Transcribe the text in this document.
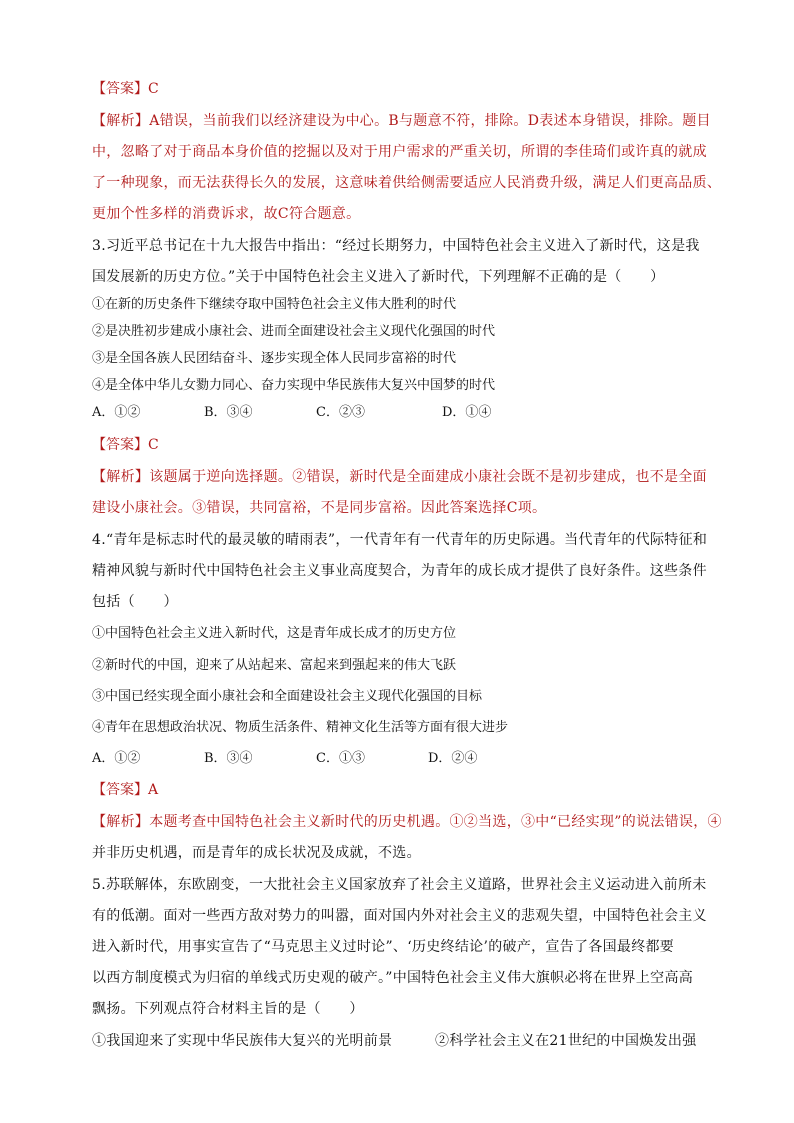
【答案】C
【解析】A错误，当前我们以经济建设为中心。B与题意不符，排除。D表述本身错误，排除。题目
中，忽略了对于商品本身价值的挖掘以及对于用户需求的严重关切，所谓的李佳琦们或许真的就成
了一种现象，而无法获得长久的发展，这意味着供给侧需要适应人民消费升级，满足人们更高品质、
更加个性多样的消费诉求，故C符合题意。
3.习近平总书记在十九大报告中指出：“经过长期努力，中国特色社会主义进入了新时代，这是我
国发展新的历史方位。”关于中国特色社会主义进入了新时代，下列理解不正确的是（　　）
①在新的历史条件下继续夺取中国特色社会主义伟大胜利的时代
②是决胜初步建成小康社会、进而全面建设社会主义现代化强国的时代
③是全国各族人民团结奋斗、逐步实现全体人民同步富裕的时代
④是全体中华儿女勠力同心、奋力实现中华民族伟大复兴中国梦的时代
A．①②	B．③④	C．②③	D．①④
【答案】C
【解析】该题属于逆向选择题。②错误，新时代是全面建成小康社会既不是初步建成，也不是全面
建设小康社会。③错误，共同富裕，不是同步富裕。因此答案选择C项。
4.“青年是标志时代的最灵敏的晴雨表”，一代青年有一代青年的历史际遇。当代青年的代际特征和
精神风貌与新时代中国特色社会主义事业高度契合，为青年的成长成才提供了良好条件。这些条件
包括（　　）
①中国特色社会主义进入新时代，这是青年成长成才的历史方位
②新时代的中国，迎来了从站起来、富起来到强起来的伟大飞跃
③中国已经实现全面小康社会和全面建设社会主义现代化强国的目标
④青年在思想政治状况、物质生活条件、精神文化生活等方面有很大进步
A．①②	B．③④	C．①③	D．②④
【答案】A
【解析】本题考查中国特色社会主义新时代的历史机遇。①②当选，③中“已经实现”的说法错误，④
并非历史机遇，而是青年的成长状况及成就，不选。
5.苏联解体，东欧剧变，一大批社会主义国家放弃了社会主义道路，世界社会主义运动进入前所未
有的低潮。面对一些西方敌对势力的叫嚣，面对国内外对社会主义的悲观失望，中国特色社会主义
进入新时代，用事实宣告了“马克思主义过时论”、‘历史终结论’的破产，宣告了各国最终都要
以西方制度模式为归宿的单线式历史观的破产。”中国特色社会主义伟大旗帜必将在世界上空高高
飘扬。下列观点符合材料主旨的是（　　）
①我国迎来了实现中华民族伟大复兴的光明前景	②科学社会主义在21世纪的中国焕发出强
